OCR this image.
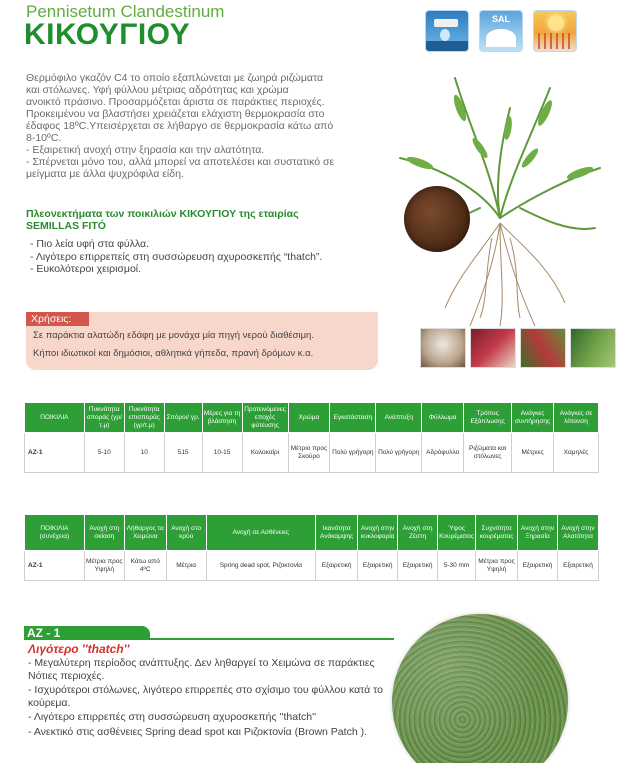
Pennisetum Clandestinum
ΚΙΚΟΥΓΙΟΥ	SAL

Θερμόφιλο γκαζόν C4 το οποίο εξαπλώνεται με ζωηρά ριζώματα

και στόλωνες. Υφή φύλλου μέτριας αδρότητας και χρώμα

ανοικτό πράσινο. Προσαρμόζεται άριστα σε παράκτιες περιοχές.

Προκειμένου να βλαστήσει χρειάζεται ελάχιστη θερμοκρασία στο

έδαφος 18ºC.Υπεισέρχεται σε λήθαργο σε θερμοκρασία κάτω από

8-10ºC.

- Εξαιρετική ανοχή στην ξηρασία και την αλατότητα.

- Σπέρνεται μόνο του, αλλά μπορεί να αποτελέσει και συστατικό σε

μείγματα με άλλα ψυχρόφιλα είδη.

Πλεονεκτήματα των ποικιλιών ΚΙΚΟΥΓΙΟΥ της εταιρίας
SEMILLAS FITÓ
- Πιο λεία υφή στα φύλλα.
- Λιγότερο επιρρεπείς στη συσσώρευση αχυροσκεπής “thatch”.
- Ευκολότεροι χειρισμοί.
Χρήσεις:
Σε παράκτια αλατώδη εδάφη με μονάχα μία πηγή νερού διαθέσιμη.
Κήποι ιδιωτικοί και δημόσιοι, αθλητικά γήπεδα, πρανή δρόμων κ.α.
ΠΟΙΚΙΛΙΑ	Πυκνότητα σποράς (γρ/τ.μ)	Πυκνότητα επισποράς (γρ/τ.μ)	Σπόροι/ γρ.	Μέρες για τη βλάστηση	Προτεινόμενες εποχές φύτευσης	Χρώμα	Εγκατάσταση	Ανάπτυξη	Φύλλωμα	Τρόπος Εξάπλωσης	Ανάγκες συντήρησης	Ανάγκες σε λίπανση
AZ-1	5-10	10	515	10-15	Καλοκαίρι	Μέτριο προς Σκούρο	Πολύ γρήγορη	Πολύ γρήγορη	Αδρόφυλλο	Ριζώματα και στόλωνες	Μέτριες	Χαμηλές
ΠΟΙΚΙΛΙΑ (συνέχεια)	Ανοχή στη σκίαση	Λήθαργος τα Χειμώνα	Ανοχή στο κρύο	Ανοχή σε Ασθένειες	Ικανότητα Ανάκαμψης	Ανοχή στην κυκλοφορία	Ανοχή στη Ζέστη	Ύψος Κουρέματος	Συχνότητα κουρέματος	Ανοχή στην Ξηρασία	Ανοχή στην Αλατότητα
AZ-1	Μέτρια προς Υψηλή	Κάτω από 4ºC	Μέτρια	Spring dead spot, Ριζοκτονία	Εξαιρετική	Εξαιρετική	Εξαιρετική	5-30 mm	Μέτρια προς Υψηλή	Εξαιρετική	Εξαιρετική
AZ - 1
Λιγότερο ''thatch''
- Μεγαλύτερη περίοδος ανάπτυξης. Δεν ληθαργεί το Χειμώνα σε παράκτιες Νότιες περιοχές.
- Ισχυρότεροι στόλωνες, λιγότερο επιρρεπές στο σχίσιμο του φύλλου κατά το κούρεμα.
- Λιγότερο επιρρεπές στη συσσώρευση αχυροσκεπής ''thatch''
- Ανεκτικό στις ασθένειες Spring dead spot και Ριζοκτονία (Brown Patch ).
